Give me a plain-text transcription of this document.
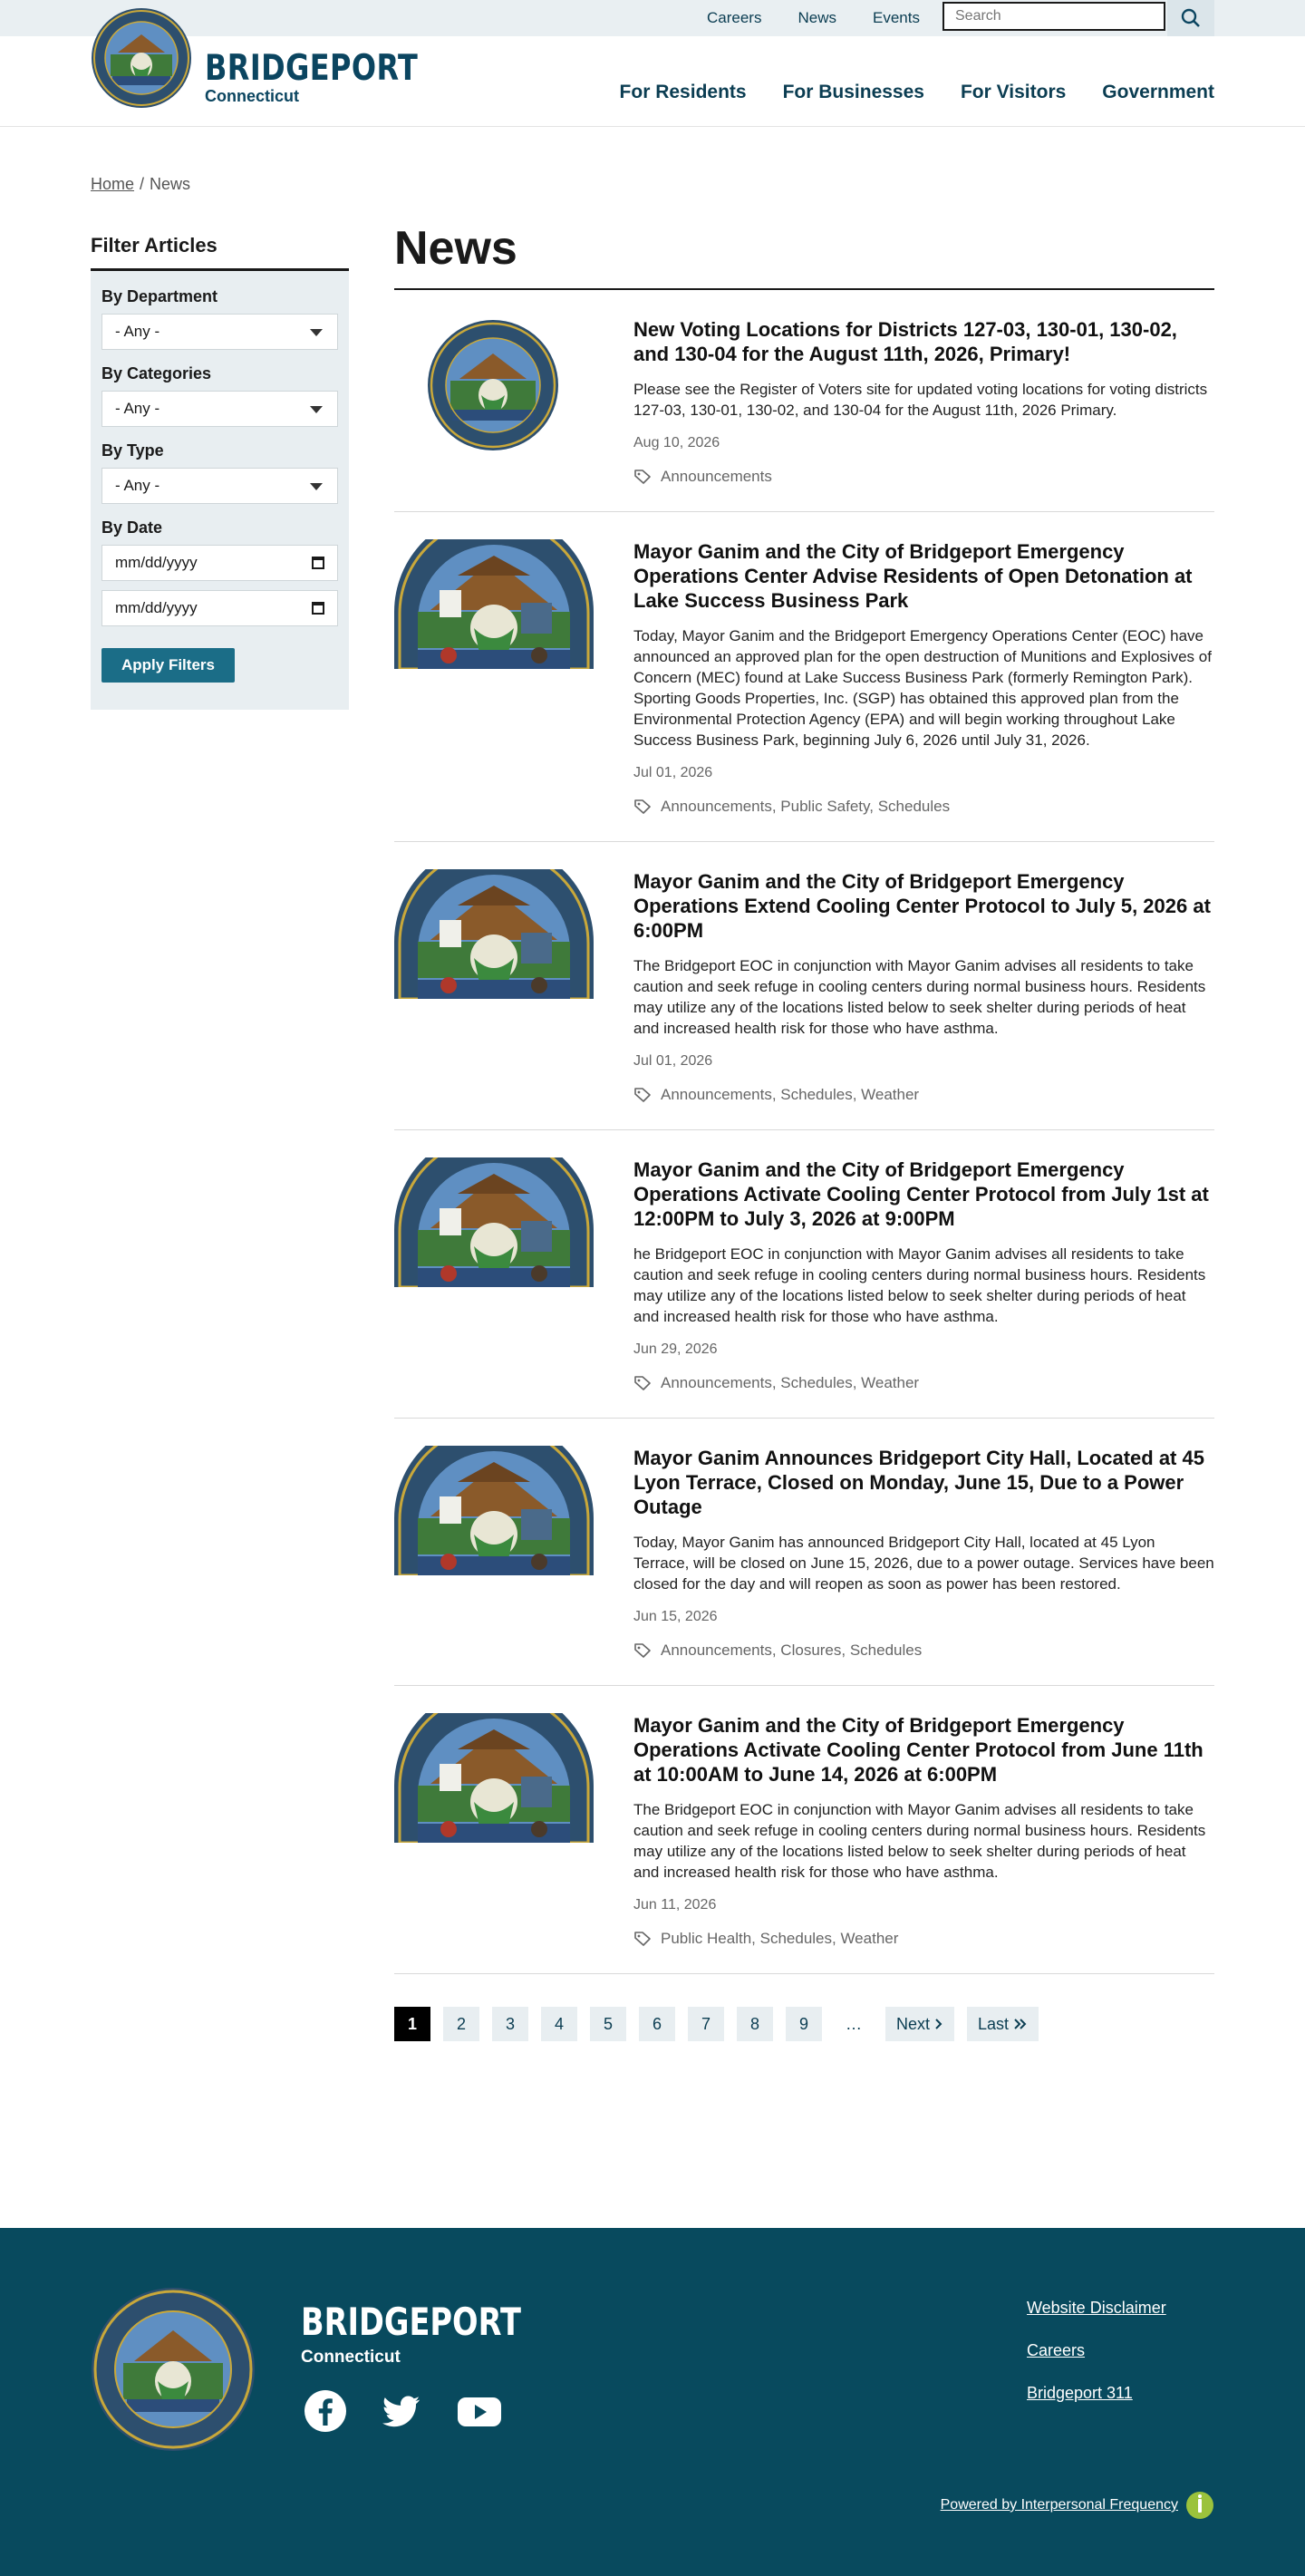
Careers News Events
Search
BRIDGEPORT
Connecticut	For Residents For Businesses For Visitors Government
Home / News
Filter Articles
By Department
- Any -
By Categories
- Any -
By Type
- Any -
By Date
mm/dd/yyyy
mm/dd/yyyy
Apply Filters
News
New Voting Locations for Districts 127-03, 130-01, 130-02, and 130-04 for the August 11th, 2026, Primary!

Please see the Register of Voters site for updated voting locations for voting districts 127-03, 130-01, 130-02, and 130-04 for the August 11th, 2026 Primary.

Aug 10, 2026
Announcements
Mayor Ganim and the City of Bridgeport Emergency Operations Center Advise Residents of Open Detonation at Lake Success Business Park

Today, Mayor Ganim and the Bridgeport Emergency Operations Center (EOC) have announced an approved plan for the open destruction of Munitions and Explosives of Concern (MEC) found at Lake Success Business Park (formerly Remington Park). Sporting Goods Properties, Inc. (SGP) has obtained this approved plan from the Environmental Protection Agency (EPA) and will begin working throughout Lake Success Business Park, beginning July 6, 2026 until July 31, 2026.

Jul 01, 2026
Announcements, Public Safety, Schedules
Mayor Ganim and the City of Bridgeport Emergency Operations Extend Cooling Center Protocol to July 5, 2026 at 6:00PM

The Bridgeport EOC in conjunction with Mayor Ganim advises all residents to take caution and seek refuge in cooling centers during normal business hours. Residents may utilize any of the locations listed below to seek shelter during periods of heat and increased health risk for those who have asthma.

Jul 01, 2026
Announcements, Schedules, Weather
Mayor Ganim and the City of Bridgeport Emergency Operations Activate Cooling Center Protocol from July 1st at 12:00PM to July 3, 2026 at 9:00PM

he Bridgeport EOC in conjunction with Mayor Ganim advises all residents to take caution and seek refuge in cooling centers during normal business hours. Residents may utilize any of the locations listed below to seek shelter during periods of heat and increased health risk for those who have asthma.

Jun 29, 2026
Announcements, Schedules, Weather
Mayor Ganim Announces Bridgeport City Hall, Located at 45 Lyon Terrace, Closed on Monday, June 15, Due to a Power Outage

Today, Mayor Ganim has announced Bridgeport City Hall, located at 45 Lyon Terrace, will be closed on June 15, 2026, due to a power outage. Services have been closed for the day and will reopen as soon as power has been restored.

Jun 15, 2026
Announcements, Closures, Schedules
Mayor Ganim and the City of Bridgeport Emergency Operations Activate Cooling Center Protocol from June 11th at 10:00AM to June 14, 2026 at 6:00PM

The Bridgeport EOC in conjunction with Mayor Ganim advises all residents to take caution and seek refuge in cooling centers during normal business hours. Residents may utilize any of the locations listed below to seek shelter during periods of heat and increased health risk for those who have asthma.

Jun 11, 2026
Public Health, Schedules, Weather
1	2	3	4	5	6	7	8	9	…	Next
	Last

BRIDGEPORT
Connecticut
Website Disclaimer
Careers
Bridgeport 311
Powered by Interpersonal Frequency
